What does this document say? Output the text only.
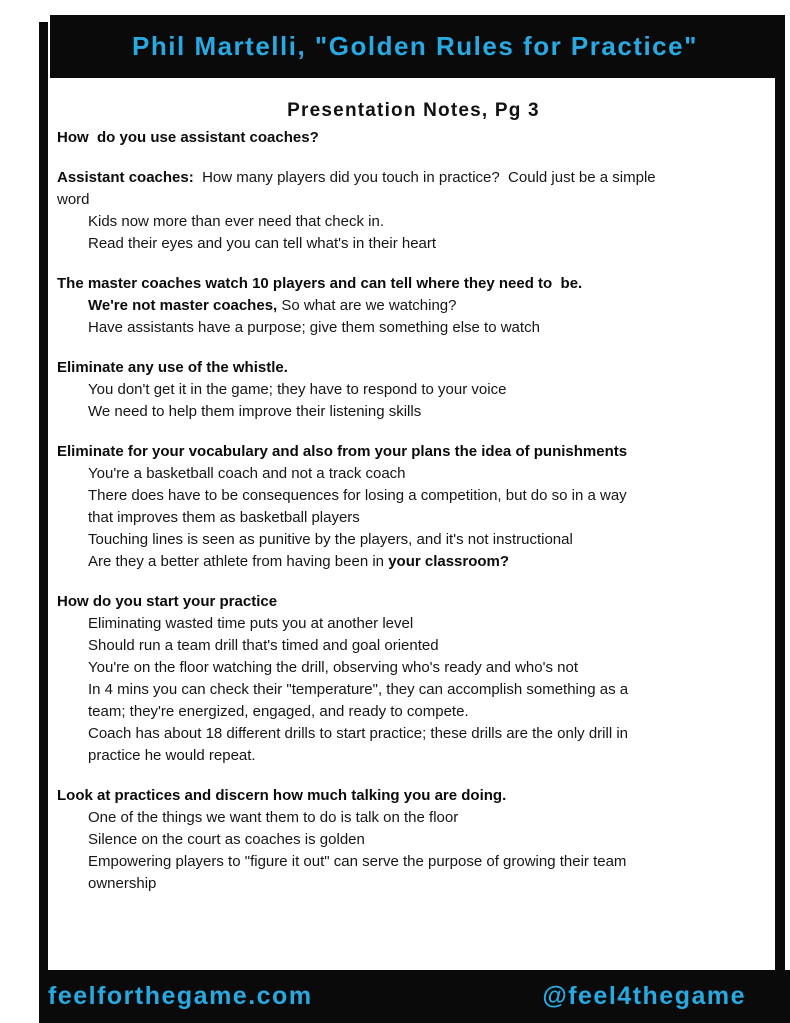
Phil Martelli, "Golden Rules for Practice"
Presentation Notes, Pg 3
How  do you use assistant coaches?
Assistant coaches:  How many players did you touch in practice?  Could just be a simple
word
Kids now more than ever need that check in.
Read their eyes and you can tell what's in their heart
The master coaches watch 10 players and can tell where they need to  be.
We're not master coaches, So what are we watching?
Have assistants have a purpose; give them something else to watch
Eliminate any use of the whistle.
You don't get it in the game; they have to respond to your voice
We need to help them improve their listening skills
Eliminate for your vocabulary and also from your plans the idea of punishments
You're a basketball coach and not a track coach
There does have to be consequences for losing a competition, but do so in a way
that improves them as basketball players
Touching lines is seen as punitive by the players, and it's not instructional
Are they a better athlete from having been in your classroom?
How do you start your practice
Eliminating wasted time puts you at another level
Should run a team drill that's timed and goal oriented
You're on the floor watching the drill, observing who's ready and who's not
In 4 mins you can check their "temperature", they can accomplish something as a
team; they're energized, engaged, and ready to compete.
Coach has about 18 different drills to start practice; these drills are the only drill in
practice he would repeat.
Look at practices and discern how much talking you are doing.
One of the things we want them to do is talk on the floor
Silence on the court as coaches is golden
Empowering players to "figure it out" can serve the purpose of growing their team
ownership
feelforthegame.com	@feel4thegame
